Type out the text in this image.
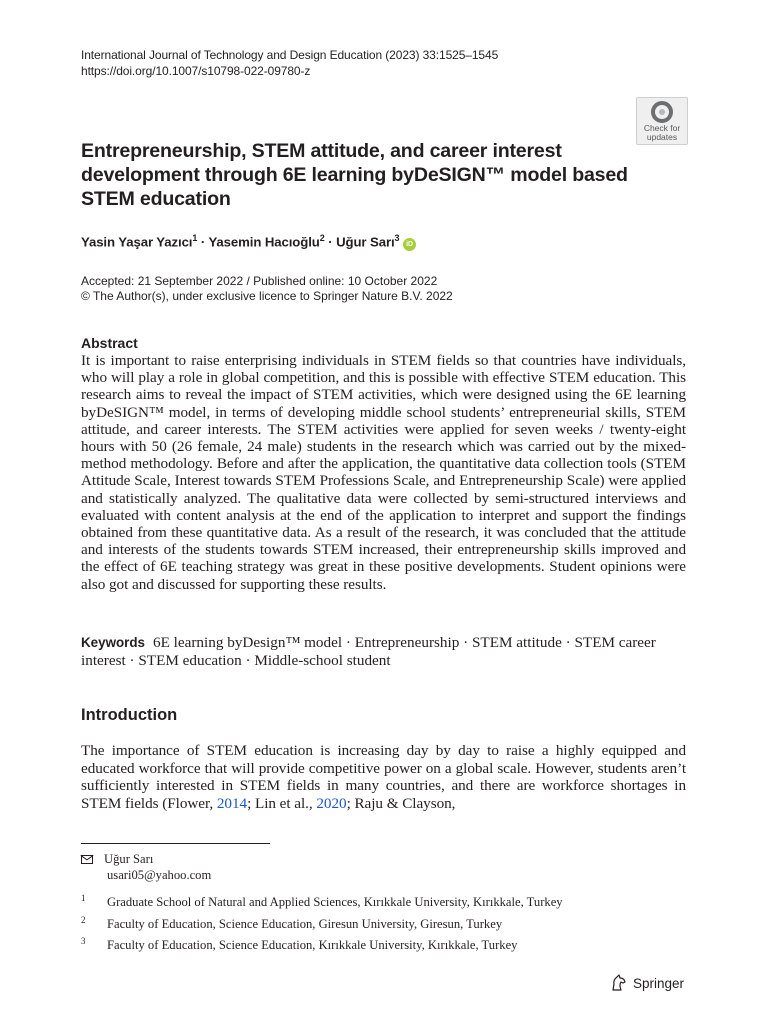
International Journal of Technology and Design Education (2023) 33:1525–1545
https://doi.org/10.1007/s10798-022-09780-z
Check for
updates
Entrepreneurship, STEM attitude, and career interest development through 6E learning byDeSIGN™ model based STEM education
Yasin Yaşar Yazıcı$^1$ · Yasemin Hacıoğlu$^2$ · Uğur Sarı$^3$ iD
Accepted: 21 September 2022 / Published online: 10 October 2022
© The Author(s), under exclusive licence to Springer Nature B.V. 2022
Abstract

It is important to raise enterprising individuals in STEM fields so that countries have individuals, who will play a role in global competition, and this is possible with effective STEM education. This research aims to reveal the impact of STEM activities, which were designed using the 6E learning byDeSIGN™ model, in terms of developing middle school students’ entrepreneurial skills, STEM attitude, and career interests. The STEM activities were applied for seven weeks / twenty-eight hours with 50 (26 female, 24 male) students in the research which was carried out by the mixed-method methodology. Before and after the application, the quantitative data collection tools (STEM Attitude Scale, Interest towards STEM Professions Scale, and Entrepreneurship Scale) were applied and statistically analyzed. The qualitative data were collected by semi-structured interviews and evaluated with content analysis at the end of the application to interpret and support the findings obtained from these quantitative data. As a result of the research, it was concluded that the attitude and interests of the students towards STEM increased, their entrepreneurship skills improved and the effect of 6E teaching strategy was great in these positive developments. Student opinions were also got and discussed for supporting these results.

Keywords 6E learning byDesign™ model · Entrepreneurship · STEM attitude · STEM career interest · STEM education · Middle-school student

Introduction

The importance of STEM education is increasing day by day to raise a highly equipped and educated workforce that will provide competitive power on a global scale. However, students aren’t sufficiently interested in STEM fields in many countries, and there are workforce shortages in STEM fields (Flower, 2014; Lin et al., 2020; Raju & Clayson,

Uğur Sarı
usari05@yahoo.com
1 Graduate School of Natural and Applied Sciences, Kırıkkale University, Kırıkkale, Turkey
2 Faculty of Education, Science Education, Giresun University, Giresun, Turkey
3 Faculty of Education, Science Education, Kırıkkale University, Kırıkkale, Turkey
Springer
